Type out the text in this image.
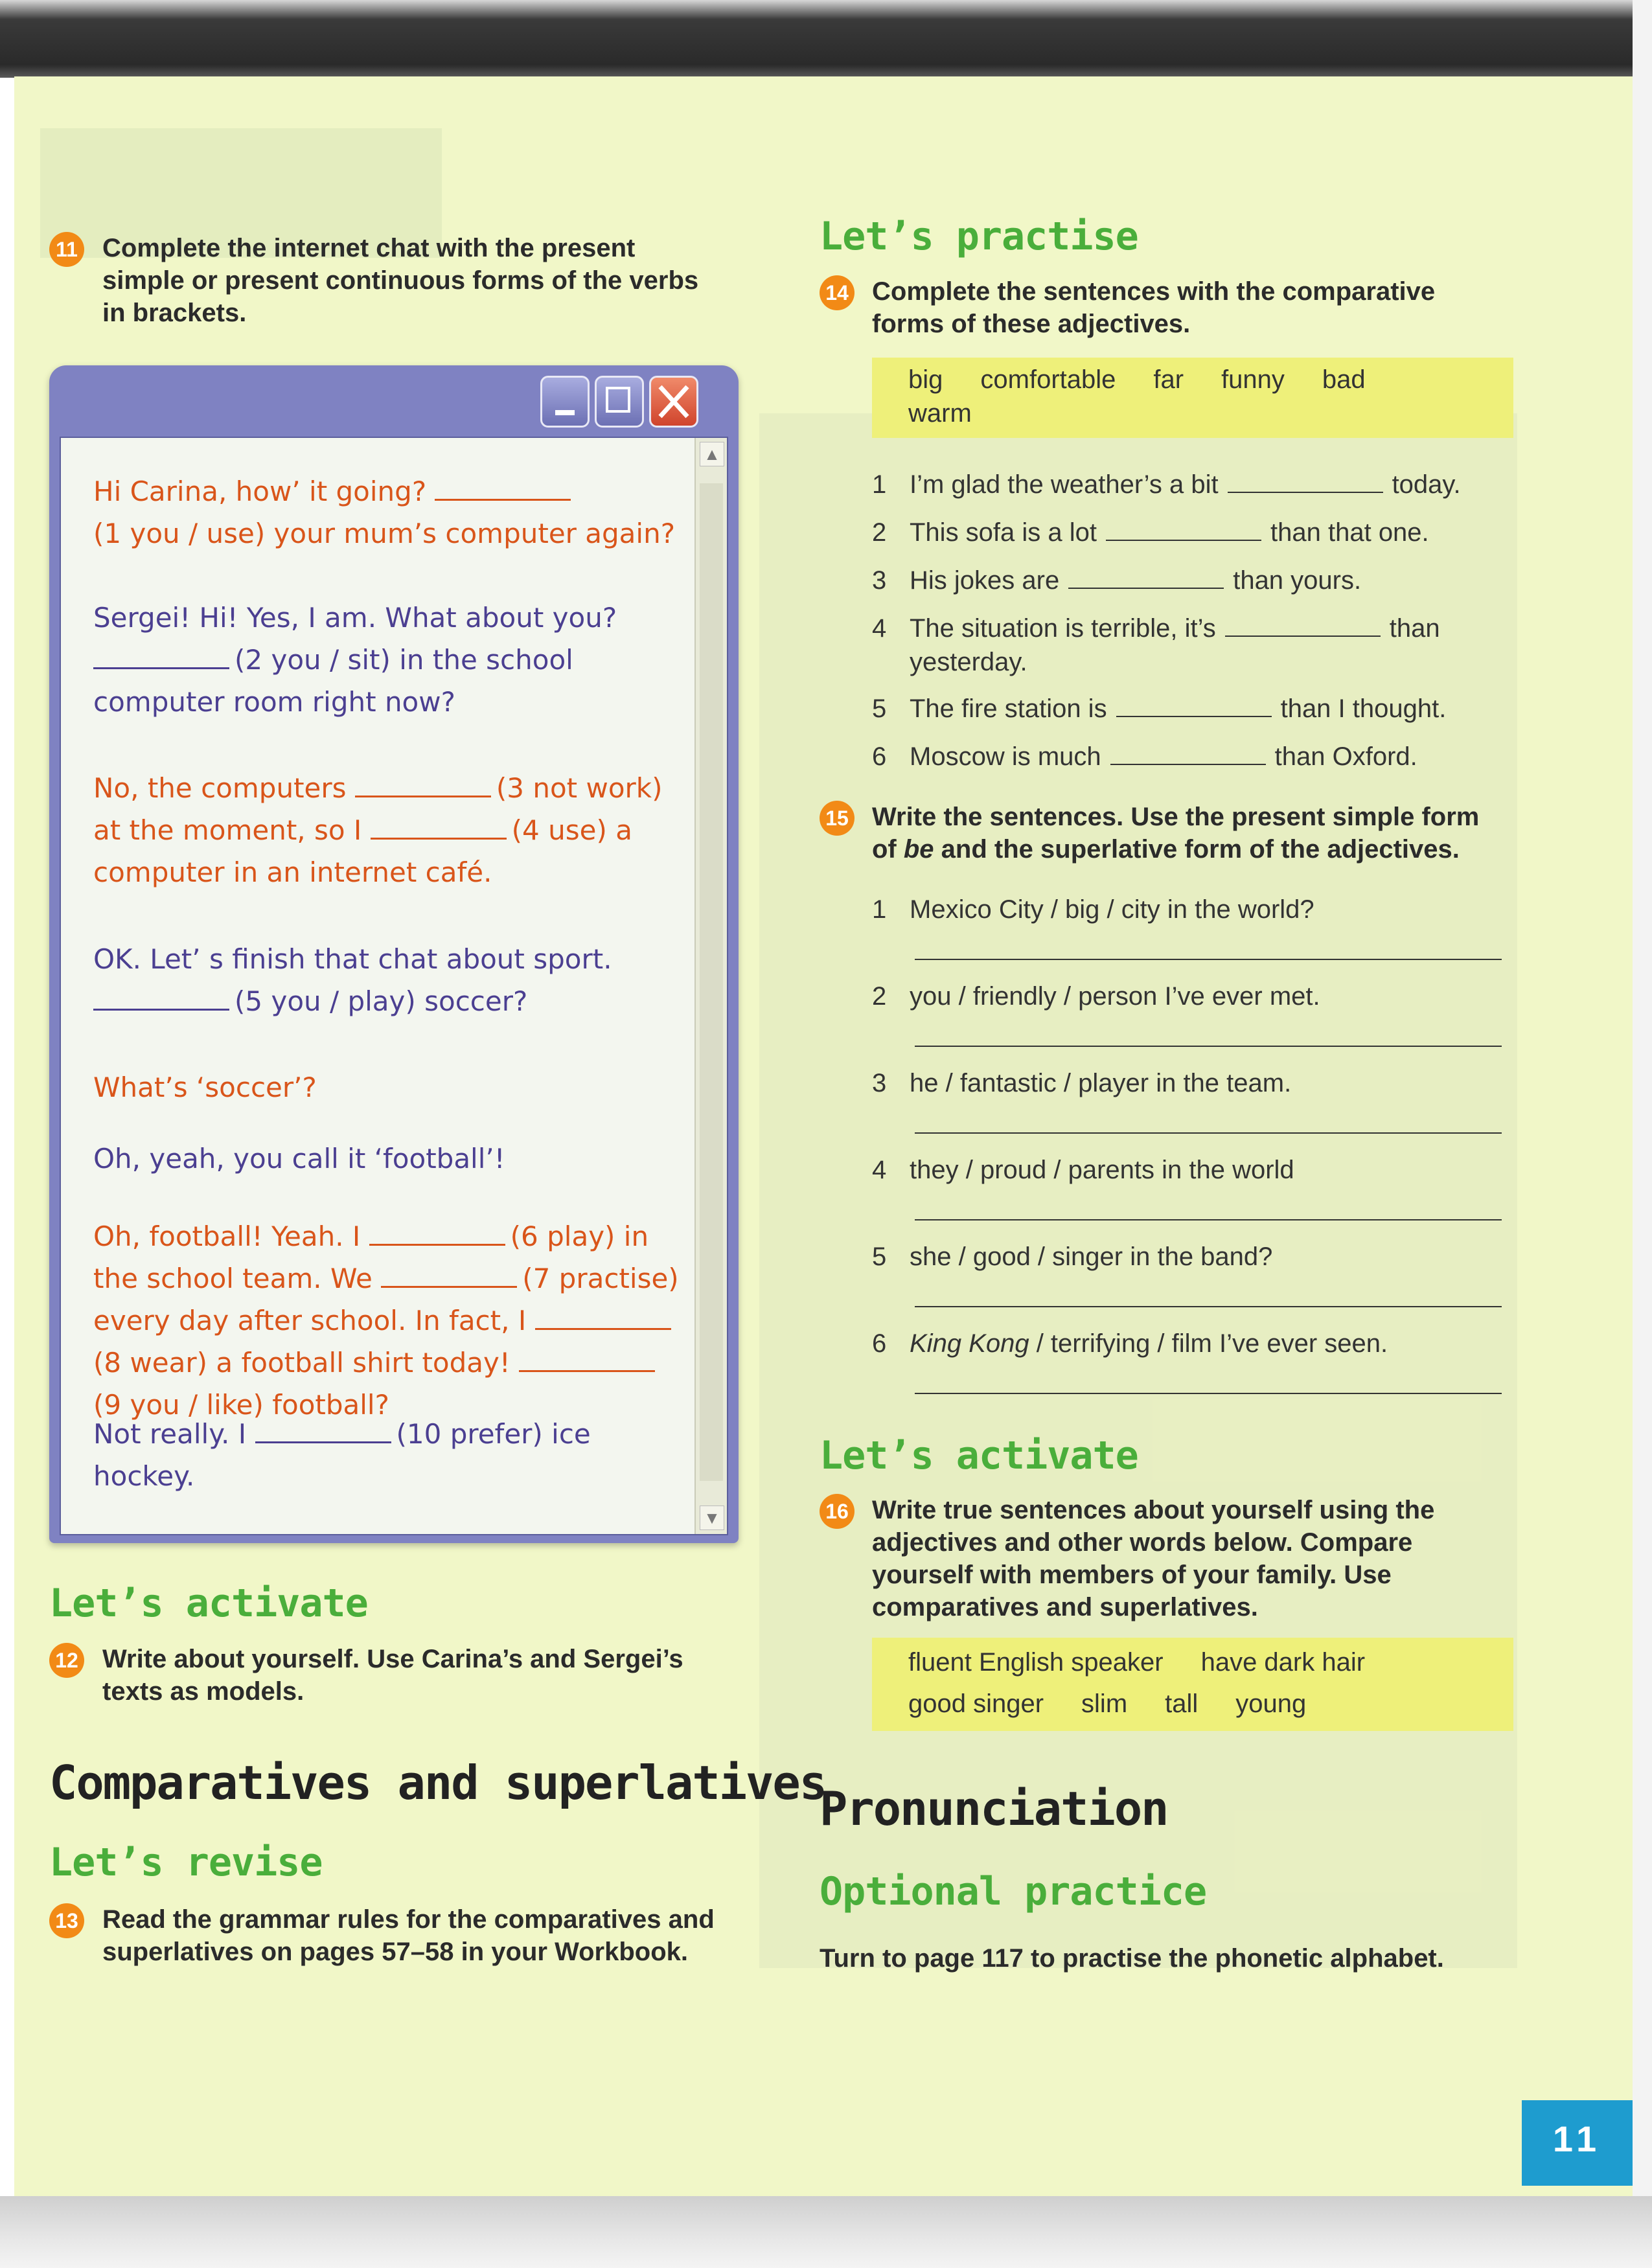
11 Complete the internet chat with the present
simple or present continuous forms of the verbs
in brackets.
▲
▼
Hi Carina, how’ it going?
(1 you / use) your mum’s computer again?
Sergei! Hi! Yes, I am. What about you?
(2 you / sit) in the school
computer room right now?
No, the computers	(3 not work)
at the moment, so I	(4 use) a
computer in an internet café.
OK. Let’ s finish that chat about sport.
(5 you / play) soccer?
What’s ‘soccer’?
Oh, yeah, you call it ‘football’!
Oh, football! Yeah. I	(6 play) in
the school team. We	(7 practise)
every day after school. In fact, I
(8 wear) a football shirt today!
(9 you / like) football?
Not really. I	(10 prefer) ice
hockey.
Let’s activate
12 Write about yourself. Use Carina’s and Sergei’s
texts as models.
Comparatives and superlatives
Let’s revise
13 Read the grammar rules for the comparatives and
superlatives on pages 57–58 in your Workbook.
Let’s practise
14 Complete the sentences with the comparative
forms of these adjectives.
big comfortable far funny bad
warm
1 I’m glad the weather’s a bit	today.
2 This sofa is a lot	than that one.
3 His jokes are	than yours.
4 The situation is terrible, it’s	than
yesterday.
5 The fire station is	than I thought.
6 Moscow is much	than Oxford.
15 Write the sentences. Use the present simple form
of be and the superlative form of the adjectives.
1 Mexico City / big / city in the world?
2 you / friendly / person I’ve ever met.
3 he / fantastic / player in the team.
4 they / proud / parents in the world
5 she / good / singer in the band?
6 King Kong / terrifying / film I’ve ever seen.
Let’s activate
16 Write true sentences about yourself using the
adjectives and other words below. Compare
yourself with members of your family. Use
comparatives and superlatives.
fluent English speaker have dark hair
good singer slim tall young
Pronunciation
Optional practice
Turn to page 117 to practise the phonetic alphabet.
11
